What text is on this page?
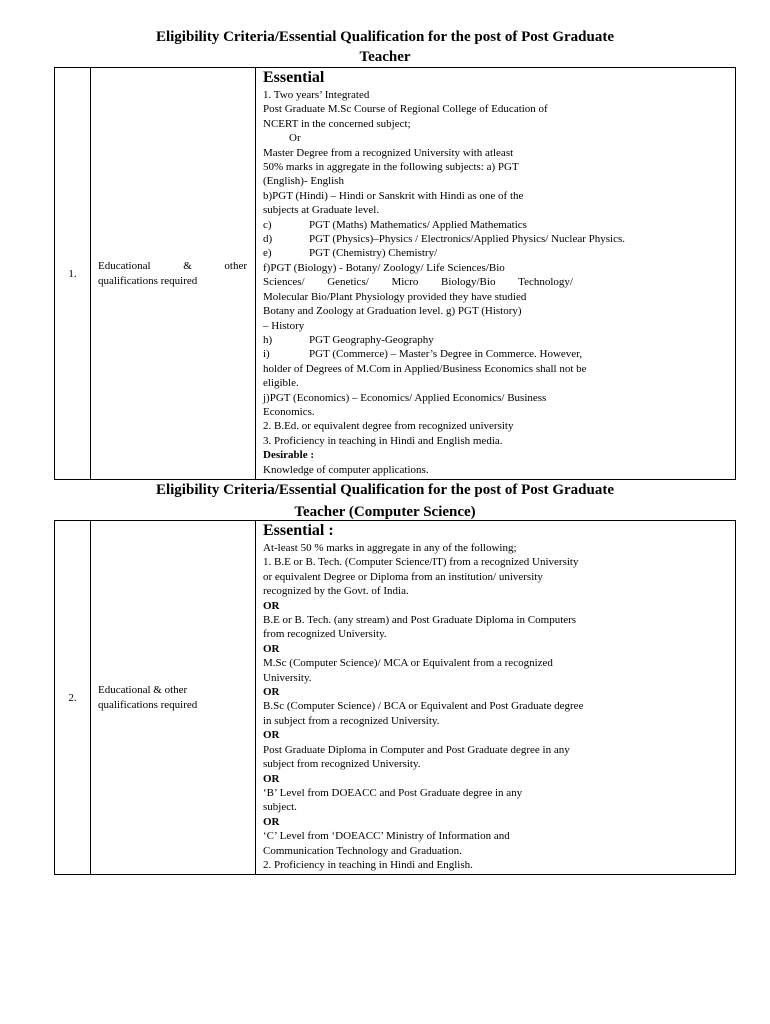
Eligibility Criteria/Essential Qualification for the post of Post Graduate
Teacher
1.	
Educational	&	other
qualifications required

Essential
1. Two years’ Integrated
Post Graduate M.Sc Course of Regional College of Education of
NCERT in the concerned subject;
Or
Master Degree from a recognized University with atleast
50% marks in aggregate in the following subjects: a) PGT
(English)- English
b)PGT (Hindi) – Hindi or Sanskrit with Hindi as one of the
subjects at Graduate level.
c)	PGT (Maths) Mathematics/ Applied Mathematics
d)	PGT (Physics)–Physics / Electronics/Applied Physics/ Nuclear Physics.
e)	PGT (Chemistry) Chemistry/
f)PGT (Biology) - Botany/ Zoology/ Life Sciences/Bio
Sciences/ Genetics/ Micro Biology/Bio Technology/
Molecular Bio/Plant Physiology provided they have studied
Botany and Zoology at Graduation level. g) PGT (History)
– History
h)	PGT Geography-Geography
i)	PGT (Commerce) – Master’s Degree in Commerce. However,
holder of Degrees of M.Com in Applied/Business Economics shall not be
eligible.
j)PGT (Economics) – Economics/ Applied Economics/ Business
Economics.
2. B.Ed. or equivalent degree from recognized university
3. Proficiency in teaching in Hindi and English media.
Desirable :
Knowledge of computer applications.
Eligibility Criteria/Essential Qualification for the post of Post Graduate
Teacher (Computer Science)
2.	
Educational & other
qualifications required

Essential :
At-least 50 % marks in aggregate in any of the following;
1. B.E or B. Tech. (Computer Science/IT) from a recognized University
or equivalent Degree or Diploma from an institution/ university
recognized by the Govt. of India.
OR
B.E or B. Tech. (any stream) and Post Graduate Diploma in Computers
from recognized University.
OR
M.Sc (Computer Science)/ MCA or Equivalent from a recognized
University.
OR
B.Sc (Computer Science) / BCA or Equivalent and Post Graduate degree
in subject from a recognized University.
OR
Post Graduate Diploma in Computer and Post Graduate degree in any
subject from recognized University.
OR
‘B’ Level from DOEACC and Post Graduate degree in any
subject.
OR
‘C’ Level from ‘DOEACC’ Ministry of Information and
Communication Technology and Graduation.
2. Proficiency in teaching in Hindi and English.
